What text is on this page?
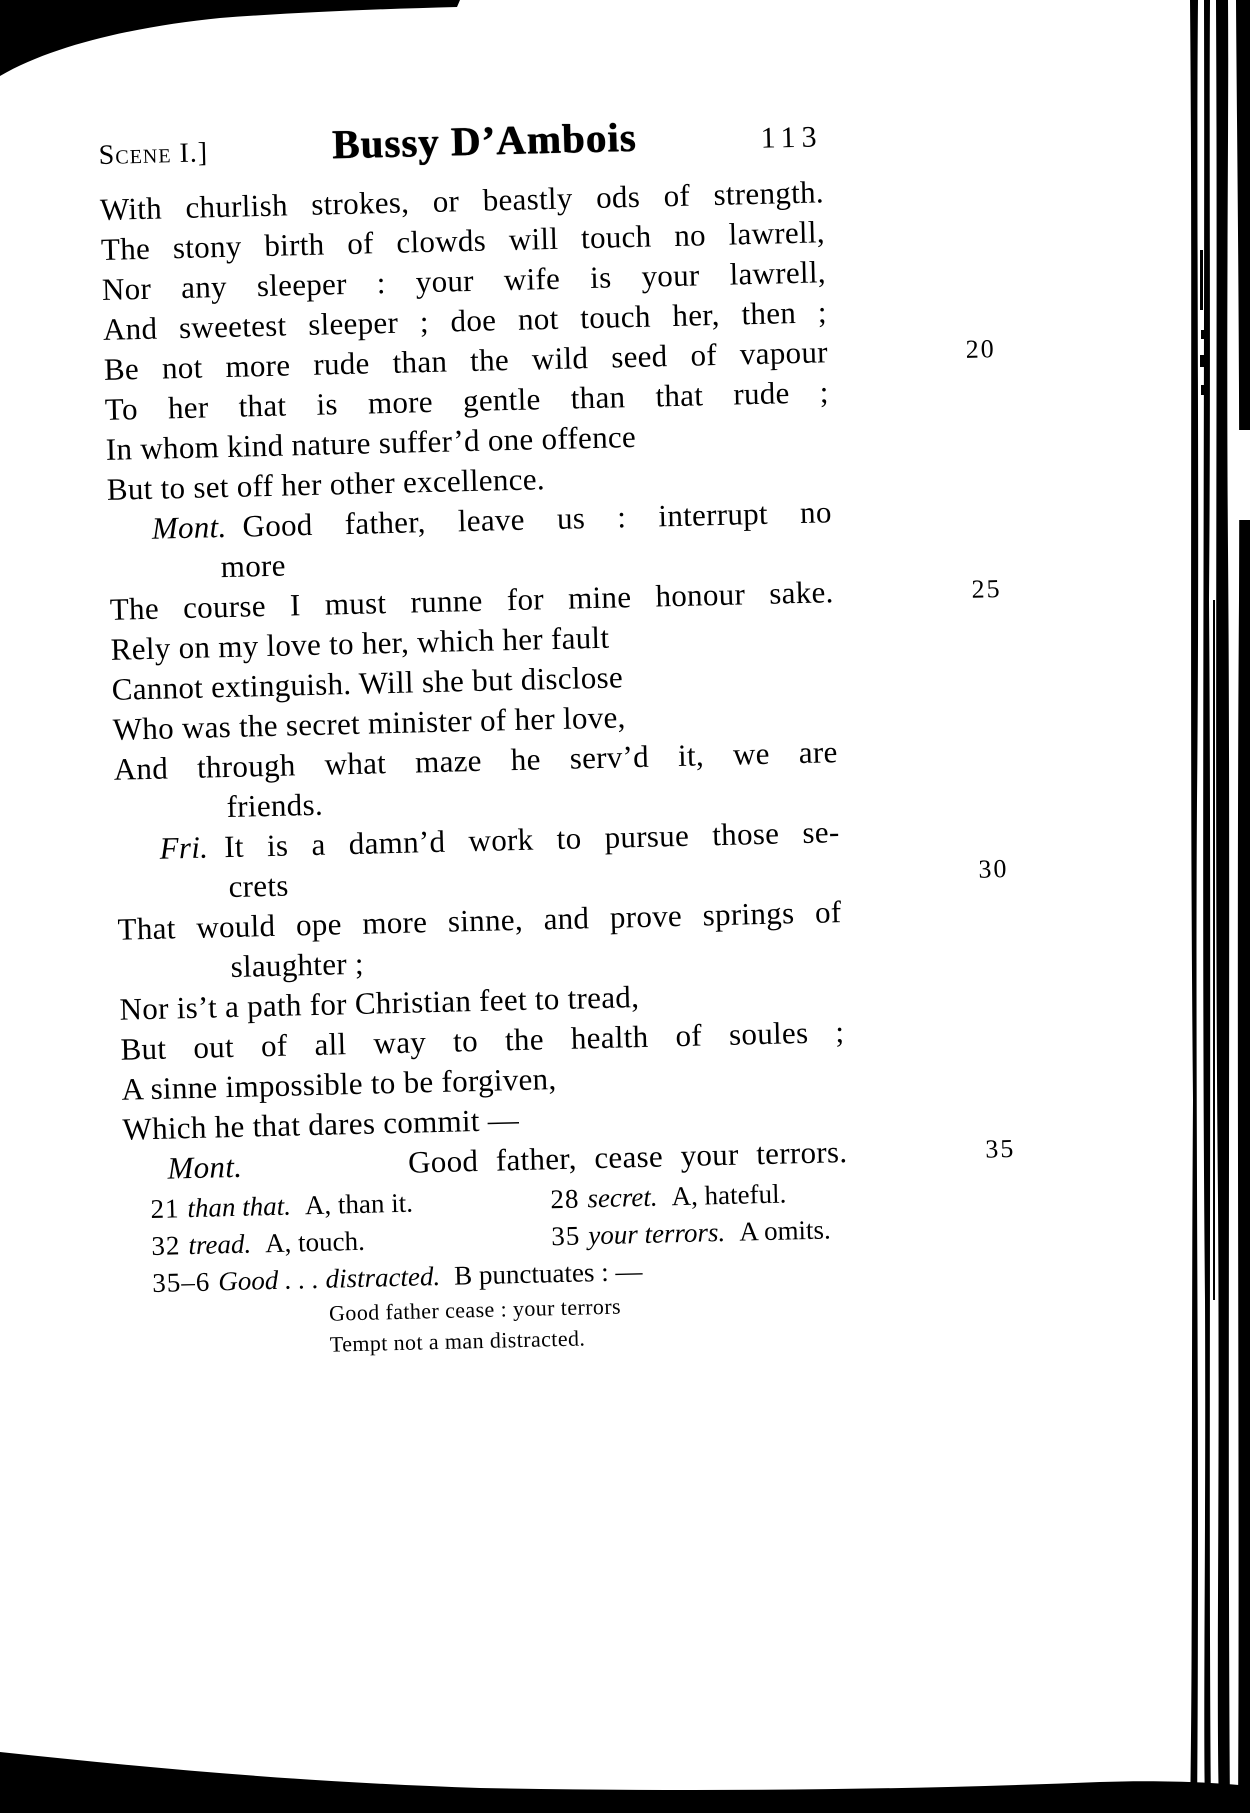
Scene I.]	Bussy D’Ambois	113
With churlish strokes, or beastly ods of strength.
The stony birth of clowds will touch no lawrell,
Nor any sleeper : your wife is your lawrell,
And sweetest sleeper ; doe not touch her, then ;
Be not more rude than the wild seed of vapour	20
To her that is more gentle than that rude ;
In whom kind nature suffer’d one offence
But to set off her other excellence.
Mont. Good father, leave us : interrupt no
more
The course I must runne for mine honour sake.	25
Rely on my love to her, which her fault
Cannot extinguish. Will she but disclose
Who was the secret minister of her love,
And through what maze he serv’d it, we are
friends.
Fri. It is a damn’d work to pursue those se-
crets	30
That would ope more sinne, and prove springs of
slaughter ;
Nor is’t a path for Christian feet to tread,
But out of all way to the health of soules ;
A sinne impossible to be forgiven,
Which he that dares commit —
Mont.	Good father, cease your terrors.	35
21 than that. A, than it.	28 secret. A, hateful.
32 tread. A, touch.	35 your terrors. A omits.
35–6 Good . . . distracted. B punctuates : —
Good father cease : your terrors
Tempt not a man distracted.
